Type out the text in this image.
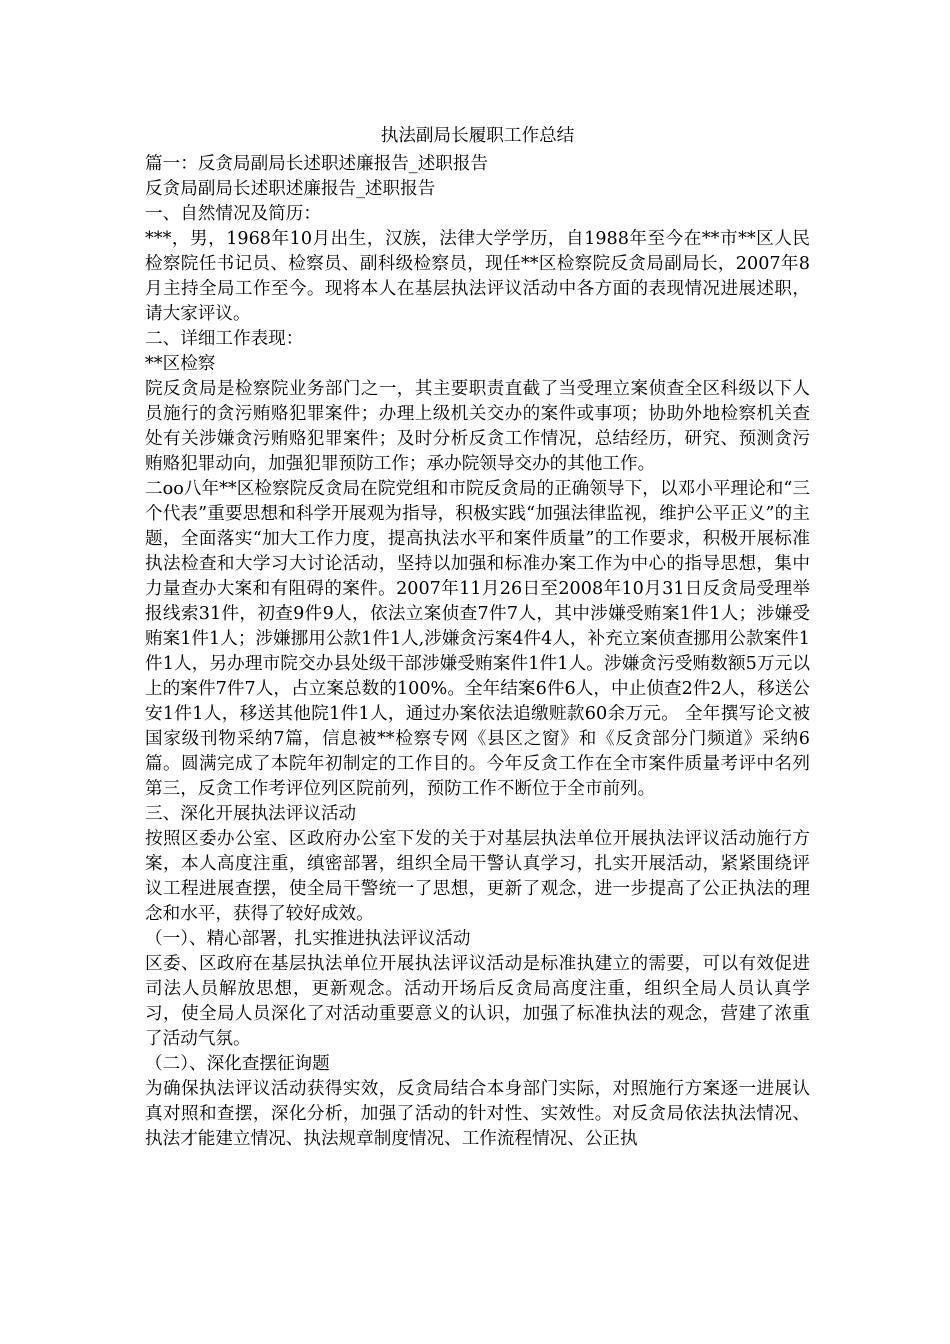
执法副局长履职工作总结

篇一：反贪局副局长述职述廉报告_述职报告

反贪局副局长述职述廉报告_述职报告

一、自然情况及简历：

***，男，1968年10月出生，汉族，法律大学学历，自1988年至今在**市**区人民检察院任书记员、检察员、副科级检察员，现任**区检察院反贪局副局长，2007年8月主持全局工作至今。现将本人在基层执法评议活动中各方面的表现情况进展述职，请大家评议。

二、详细工作表现：

**区检察

院反贪局是检察院业务部门之一，其主要职责直截了当受理立案侦查全区科级以下人员施行的贪污贿赂犯罪案件；办理上级机关交办的案件或事项；协助外地检察机关查处有关涉嫌贪污贿赂犯罪案件；及时分析反贪工作情况，总结经历，研究、预测贪污贿赂犯罪动向，加强犯罪预防工作；承办院领导交办的其他工作。

二oo八年**区检察院反贪局在院党组和市院反贪局的正确领导下，以邓小平理论和“三个代表”重要思想和科学开展观为指导，积极实践“加强法律监视，维护公平正义”的主题，全面落实“加大工作力度，提高执法水平和案件质量”的工作要求，积极开展标准执法检查和大学习大讨论活动，坚持以加强和标准办案工作为中心的指导思想，集中力量查办大案和有阻碍的案件。2007年11月26日至2008年10月31日反贪局受理举报线索31件，初查9件9人，依法立案侦查7件7人，其中涉嫌受贿案1件1人；涉嫌受贿案1件1人；涉嫌挪用公款1件1人,涉嫌贪污案4件4人，补充立案侦查挪用公款案件1件1人，另办理市院交办县处级干部涉嫌受贿案件1件1人。涉嫌贪污受贿数额5万元以上的案件7件7人，占立案总数的100%。全年结案6件6人，中止侦查2件2人，移送公安1件1人，移送其他院1件1人，通过办案依法追缴赃款60余万元。 全年撰写论文被国家级刊物采纳7篇，信息被**检察专网《县区之窗》和《反贪部分门频道》采纳6篇。圆满完成了本院年初制定的工作目的。今年反贪工作在全市案件质量考评中名列第三，反贪工作考评位列区院前列，预防工作不断位于全市前列。

三、深化开展执法评议活动

按照区委办公室、区政府办公室下发的关于对基层执法单位开展执法评议活动施行方案，本人高度注重，缜密部署，组织全局干警认真学习，扎实开展活动，紧紧围绕评议工程进展查摆，使全局干警统一了思想，更新了观念，进一步提高了公正执法的理念和水平，获得了较好成效。

（一）、精心部署，扎实推进执法评议活动

区委、区政府在基层执法单位开展执法评议活动是标准执建立的需要，可以有效促进司法人员解放思想，更新观念。活动开场后反贪局高度注重，组织全局人员认真学习，使全局人员深化了对活动重要意义的认识，加强了标准执法的观念，营建了浓重了活动气氛。

（二）、深化查摆征询题

为确保执法评议活动获得实效，反贪局结合本身部门实际，对照施行方案逐一进展认真对照和查摆，深化分析，加强了活动的针对性、实效性。对反贪局依法执法情况、执法才能建立情况、执法规章制度情况、工作流程情况、公正执
